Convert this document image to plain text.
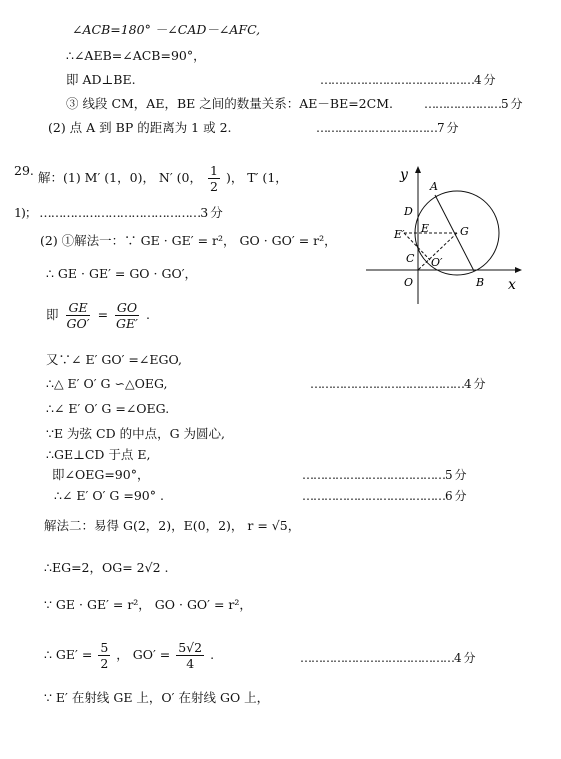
∠ACB=180° －∠CAD－∠AFC,
∴∠AEB=∠ACB=90°，
即 AD⊥BE.	……………………………………4 分
③ 线段 CM，AE，BE 之间的数量关系：AE－BE=2CM.	…………………5 分
(2) 点 A 到 BP 的距离为 1 或 2.	……………………………7 分
29. 解：(1) M′ (1，0)， N′ (0， $\frac{1}{2}$ )， T′ (1，
1)； ……………………………………3 分
(2) ①解法一：∵ GE · GE′ = r²， GO · GO′ = r²，
∴ GE · GE′ = GO · GO′，
即 $\frac{GE}{GO'} = \frac{GO}{GE'}$ .
又∵∠ E′ GO′ =∠EGO,
∴△ E′ O′ G ∽△OEG,	……………………………………4 分
∴∠ E′ O′ G =∠OEG.
∵E 为弦 CD 的中点，G 为圆心,
∴GE⊥CD 于点 E,
即∠OEG=90°，	…………………………………5 分
∴∠ E′ O′ G =90° .	…………………………………6 分
解法二：易得 G(2，2)，E(0，2)， r = √5，
∴EG=2，OG= 2√2 .
∵ GE · GE′ = r²， GO · GO′ = r²，
∴ $GE' = \frac{5}{2}$ ， $GO' = \frac{5√2}{4}$ .	……………………………………4 分
∵ E′ 在射线 GE 上，O′ 在射线 GO 上，
y
x
A
D
E′ E	G
C O′
O	B
